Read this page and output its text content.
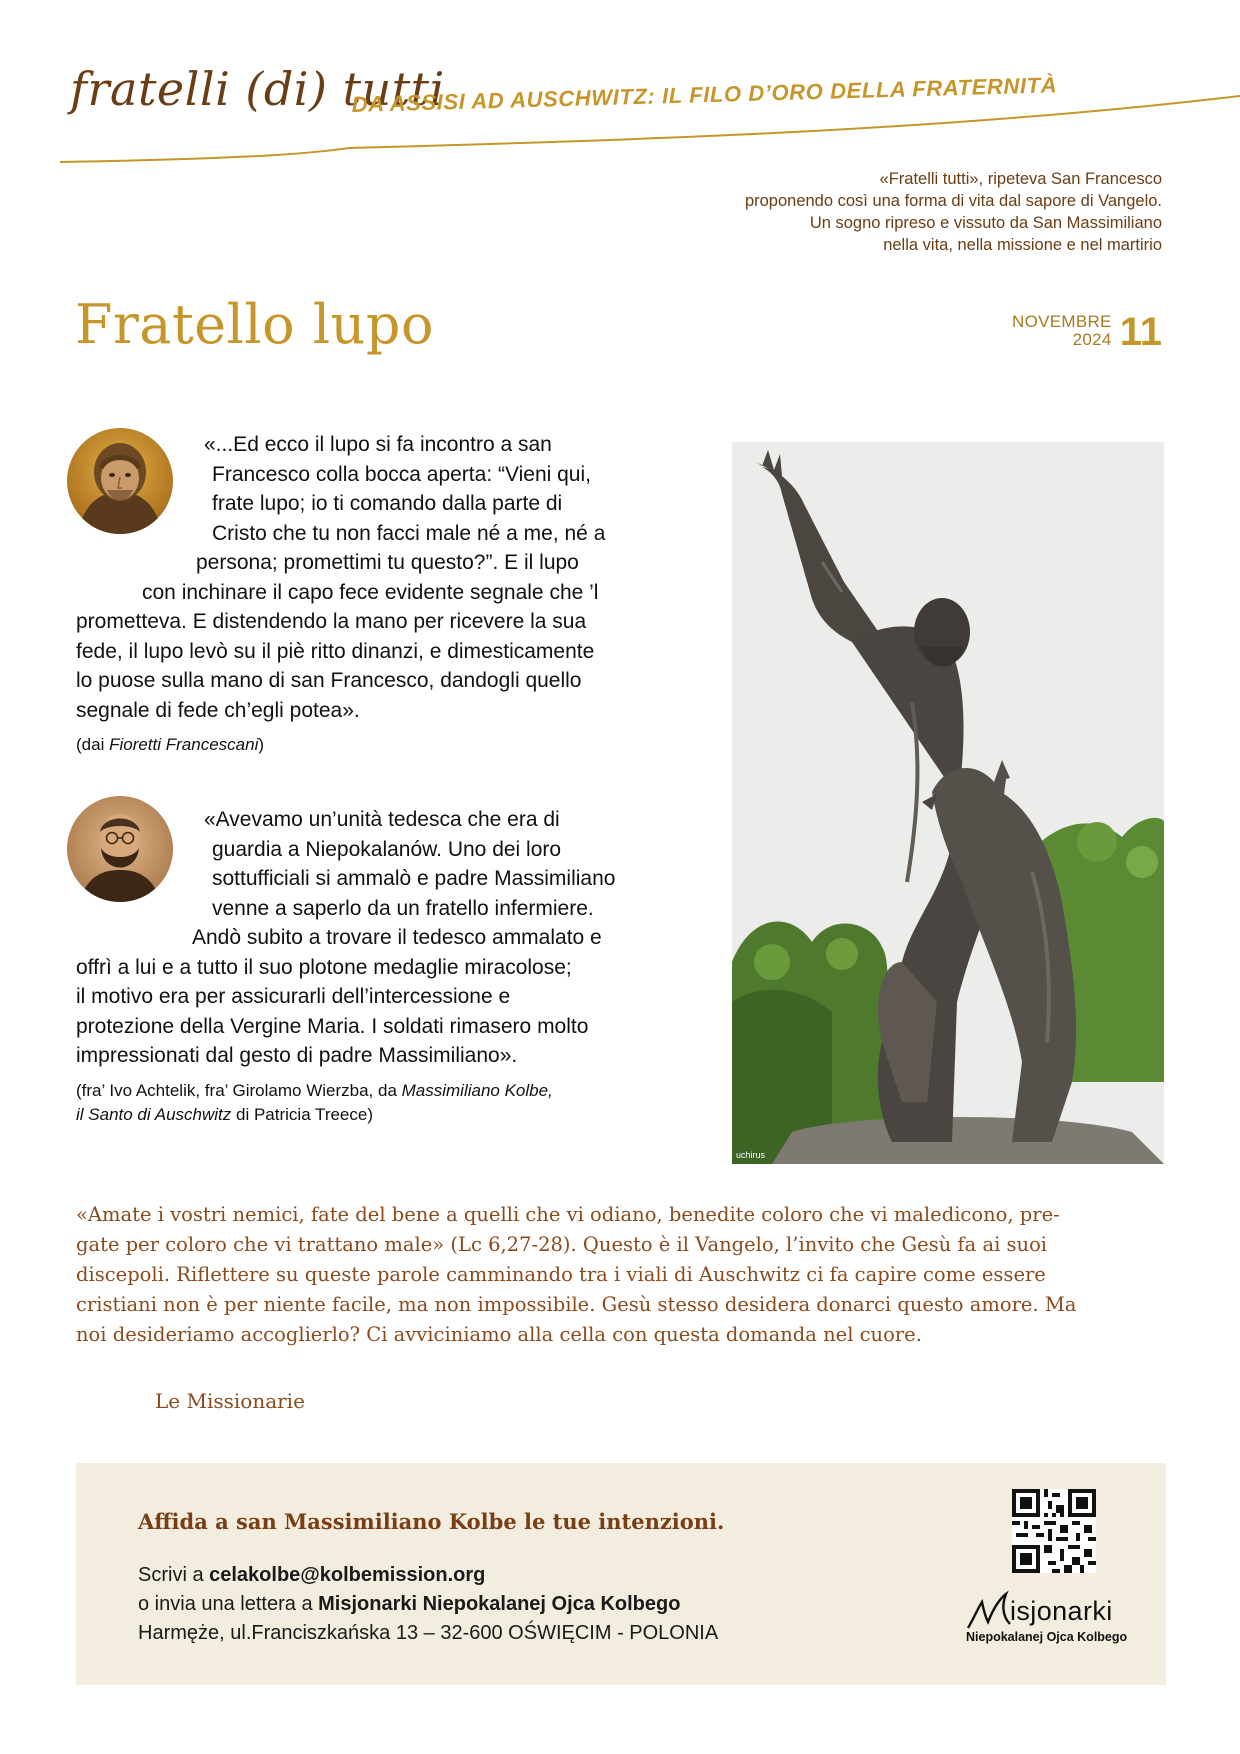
fratelli (di) tutti
DA ASSISI AD AUSCHWITZ: IL FILO D’ORO DELLA FRATERNITÀ
«Fratelli tutti», ripeteva San Francesco
proponendo così una forma di vita dal sapore di Vangelo.
Un sogno ripreso e vissuto da San Massimiliano
nella vita, nella missione e nel martirio
Fratello lupo	NOVEMBRE
2024 11
«...Ed ecco il lupo si fa incontro a san
Francesco colla bocca aperta: “Vieni qui,
frate lupo; io ti comando dalla parte di
Cristo che tu non facci male né a me, né a
persona; promettimi tu questo?”. E il lupo
con inchinare il capo fece evidente segnale che ’l
prometteva. E distendendo la mano per ricevere la sua
fede, il lupo levò su il piè ritto dinanzi, e dimesticamente
lo puose sulla mano di san Francesco, dandogli quello
segnale di fede ch’egli potea».
(dai Fioretti Francescani)
«Avevamo un’unità tedesca che era di
guardia a Niepokalanów. Uno dei loro
sottufficiali si ammalò e padre Massimiliano
venne a saperlo da un fratello infermiere.
Andò subito a trovare il tedesco ammalato e
offrì a lui e a tutto il suo plotone medaglie miracolose;
il motivo era per assicurarli dell’intercessione e
protezione della Vergine Maria. I soldati rimasero molto
impressionati dal gesto di padre Massimiliano».
(fra’ Ivo Achtelik, fra’ Girolamo Wierzba, da Massimiliano Kolbe,
il Santo di Auschwitz di Patricia Treece)
uchirus
«Amate i vostri nemici, fate del bene a quelli che vi odiano, benedite coloro che vi maledicono, pre-
gate per coloro che vi trattano male» (Lc 6,27-28). Questo è il Vangelo, l’invito che Gesù fa ai suoi
discepoli. Riflettere su queste parole camminando tra i viali di Auschwitz ci fa capire come essere
cristiani non è per niente facile, ma non impossibile. Gesù stesso desidera donarci questo amore. Ma
noi desideriamo accoglierlo? Ci avviciniamo alla cella con questa domanda nel cuore.
Le Missionarie
Affida a san Massimiliano Kolbe le tue intenzioni.
Scrivi a celakolbe@kolbemission.org
o invia una lettera a Misjonarki Niepokalanej Ojca Kolbego
Harmęże, ul.Franciszkańska 13 – 32-600 OŚWIĘCIM - POLONIA
isjonarki
Niepokalanej Ojca Kolbego
